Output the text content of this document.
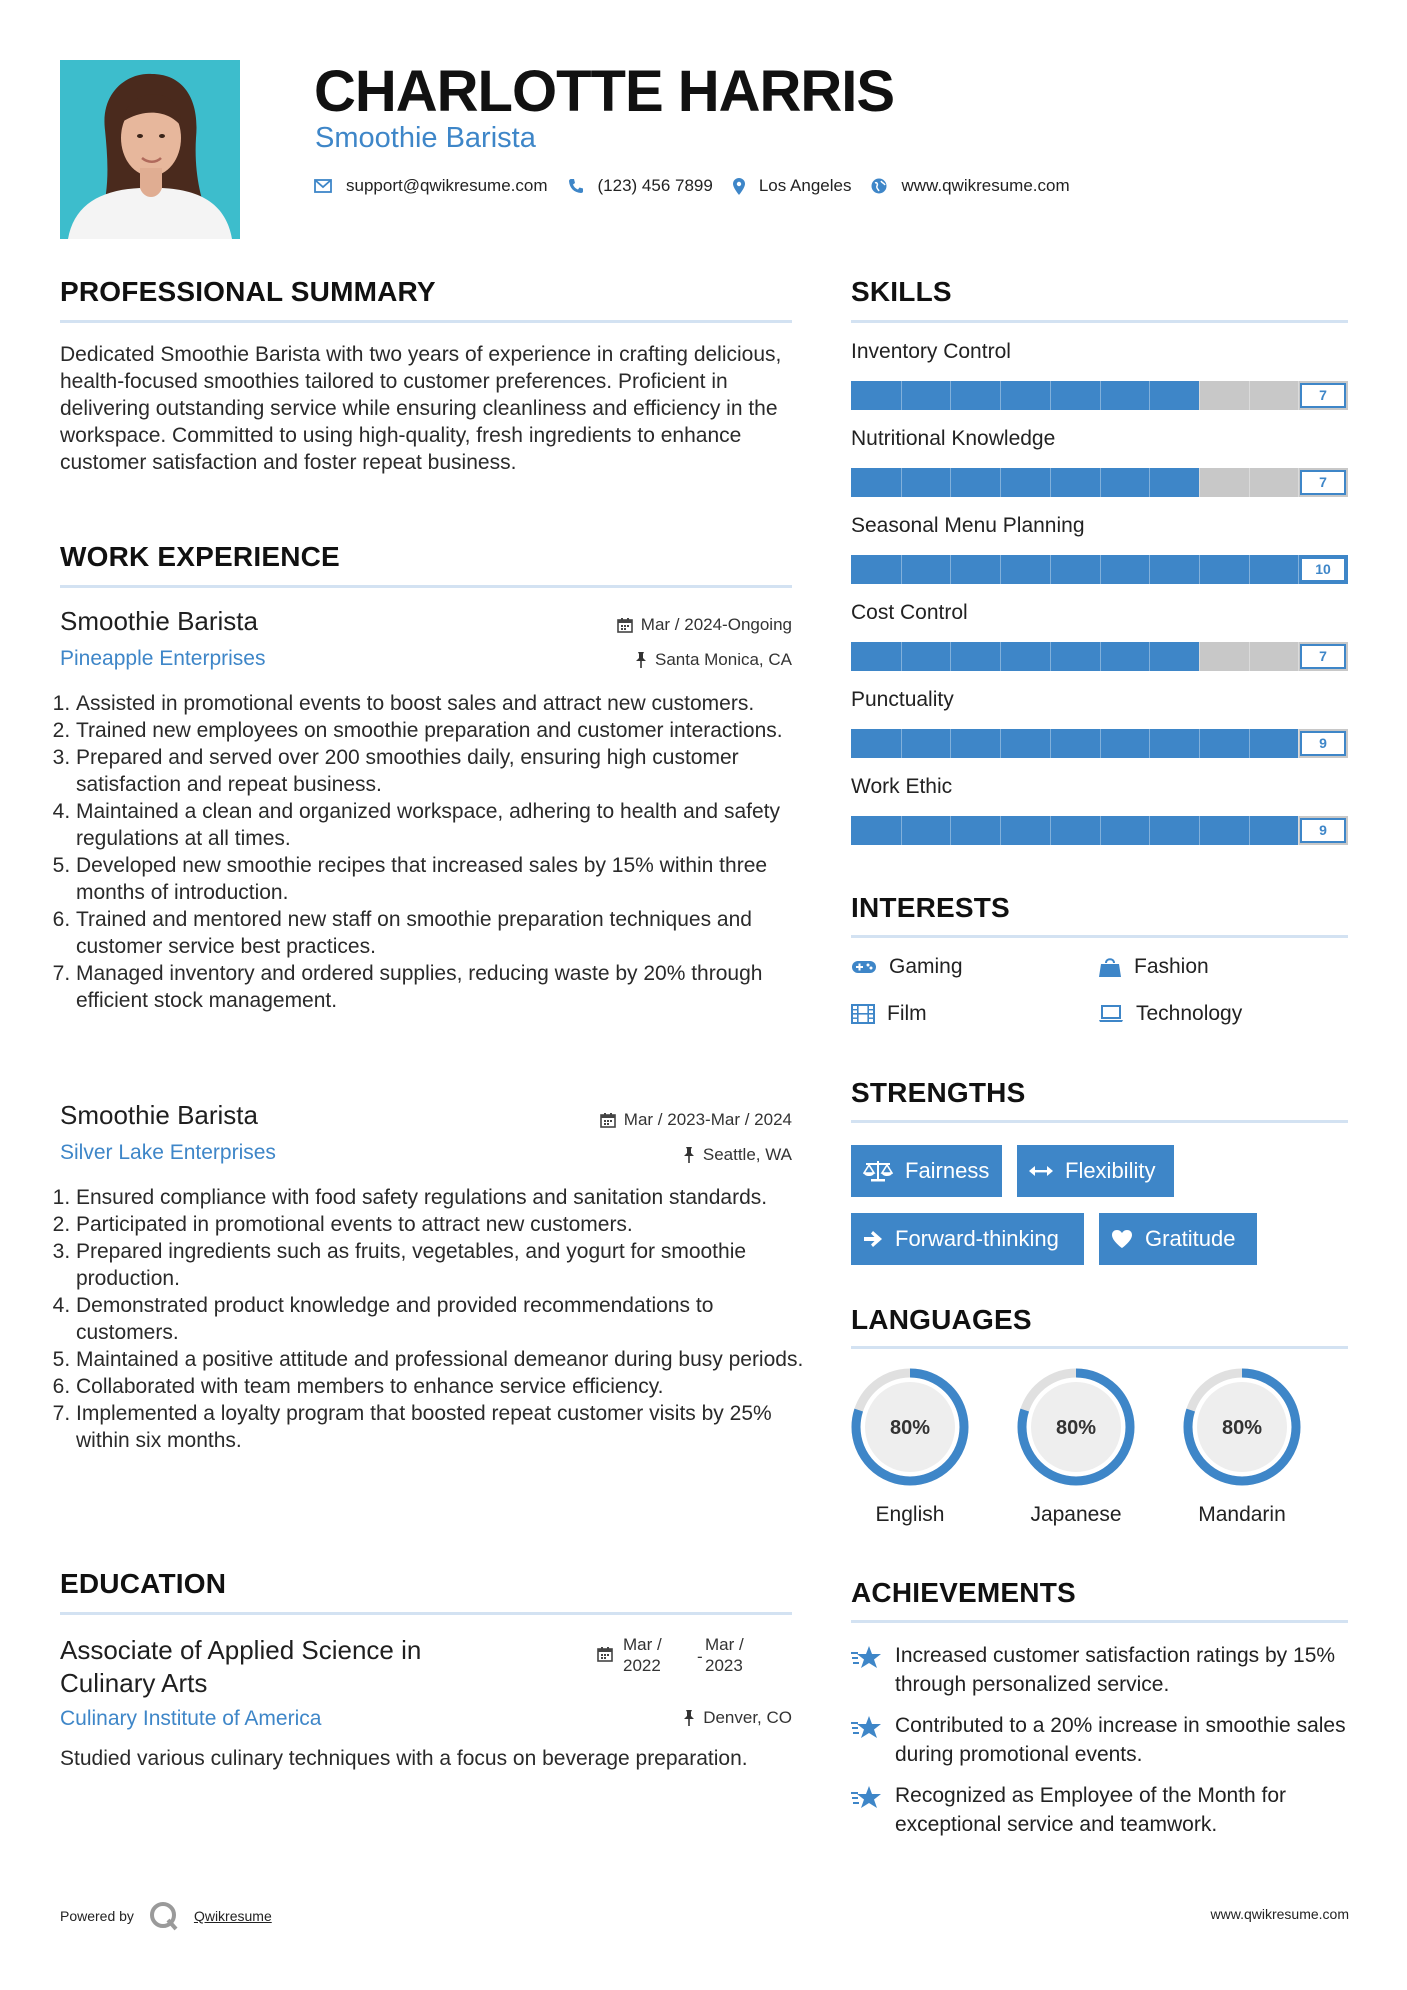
CHARLOTTE HARRIS
Smoothie Barista
support@qwikresume.com	(123) 456 7899	Los Angeles	www.qwikresume.com
PROFESSIONAL SUMMARY
Dedicated Smoothie Barista with two years of experience in crafting delicious, health-focused smoothies tailored to customer preferences. Proficient in delivering outstanding service while ensuring cleanliness and efficiency in the workspace. Committed to using high-quality, fresh ingredients to enhance customer satisfaction and foster repeat business.
WORK EXPERIENCE
Smoothie Barista
Pineapple Enterprises
Mar / 2024-Ongoing
Santa Monica, CA
1. Assisted in promotional events to boost sales and attract new customers.
2. Trained new employees on smoothie preparation and customer interactions.
3. Prepared and served over 200 smoothies daily, ensuring high customer satisfaction and repeat business.
4. Maintained a clean and organized workspace, adhering to health and safety regulations at all times.
5. Developed new smoothie recipes that increased sales by 15% within three months of introduction.
6. Trained and mentored new staff on smoothie preparation techniques and customer service best practices.
7. Managed inventory and ordered supplies, reducing waste by 20% through efficient stock management.
Smoothie Barista
Silver Lake Enterprises
Mar / 2023-Mar / 2024
Seattle, WA
1. Ensured compliance with food safety regulations and sanitation standards.
2. Participated in promotional events to attract new customers.
3. Prepared ingredients such as fruits, vegetables, and yogurt for smoothie production.
4. Demonstrated product knowledge and provided recommendations to customers.
5. Maintained a positive attitude and professional demeanor during busy periods.
6. Collaborated with team members to enhance service efficiency.
7. Implemented a loyalty program that boosted repeat customer visits by 25% within six months.
EDUCATION
Associate of Applied Science in
Culinary Arts
Culinary Institute of America
Mar /
2022	-
Mar /
2023
Denver, CO
Studied various culinary techniques with a focus on beverage preparation.
SKILLS
Inventory Control
7
Nutritional Knowledge
7
Seasonal Menu Planning
10
Cost Control
7
Punctuality
9
Work Ethic
9
INTERESTS
Gaming	Fashion
Film	Technology
STRENGTHS
Fairness	Flexibility
Forward-thinking	Gratitude
LANGUAGES
80%
English
80%
Japanese
80%
Mandarin
ACHIEVEMENTS
Increased customer satisfaction ratings by 15% through personalized service.
Contributed to a 20% increase in smoothie sales during promotional events.
Recognized as Employee of the Month for exceptional service and teamwork.
Powered by	Qwikresume	www.qwikresume.com
